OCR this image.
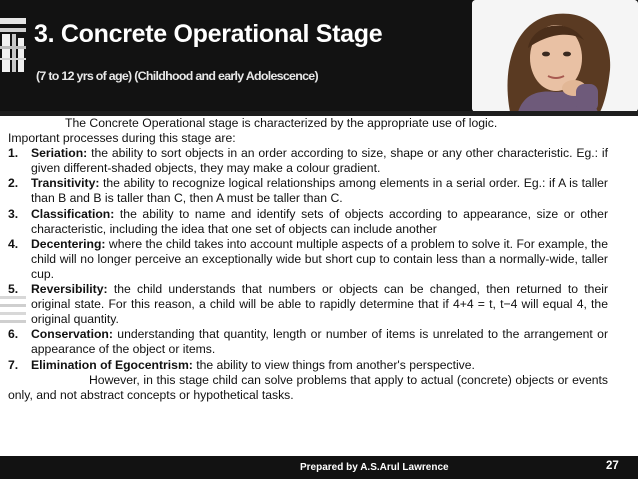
3. Concrete Operational Stage
(7 to 12 yrs of age) (Childhood and early Adolescence)

The Concrete Operational stage is characterized by the appropriate use of logic.

Important processes during this stage are:

1. Seriation: the ability to sort objects in an order according to size, shape or any other characteristic. Eg.: if given different-shaded objects, they may make a colour gradient.
2. Transitivity: the ability to recognize logical relationships among elements in a serial order. Eg.: if A is taller than B and B is taller than C, then A must be taller than C.
3. Classification: the ability to name and identify sets of objects according to appearance, size or other characteristic, including the idea that one set of objects can include another
4. Decentering: where the child takes into account multiple aspects of a problem to solve it. For example, the child will no longer perceive an exceptionally wide but short cup to contain less than a normally-wide, taller cup.
5. Reversibility: the child understands that numbers or objects can be changed, then returned to their original state. For this reason, a child will be able to rapidly determine that if 4+4 = t, t−4 will equal 4, the original quantity.
6. Conservation: understanding that quantity, length or number of items is unrelated to the arrangement or appearance of the object or items.
7. Elimination of Egocentrism: the ability to view things from another's perspective.

However, in this stage child can solve problems that apply to actual (concrete) objects or events only, and not abstract concepts or hypothetical tasks.

Prepared by A.S.Arul Lawrence	27
